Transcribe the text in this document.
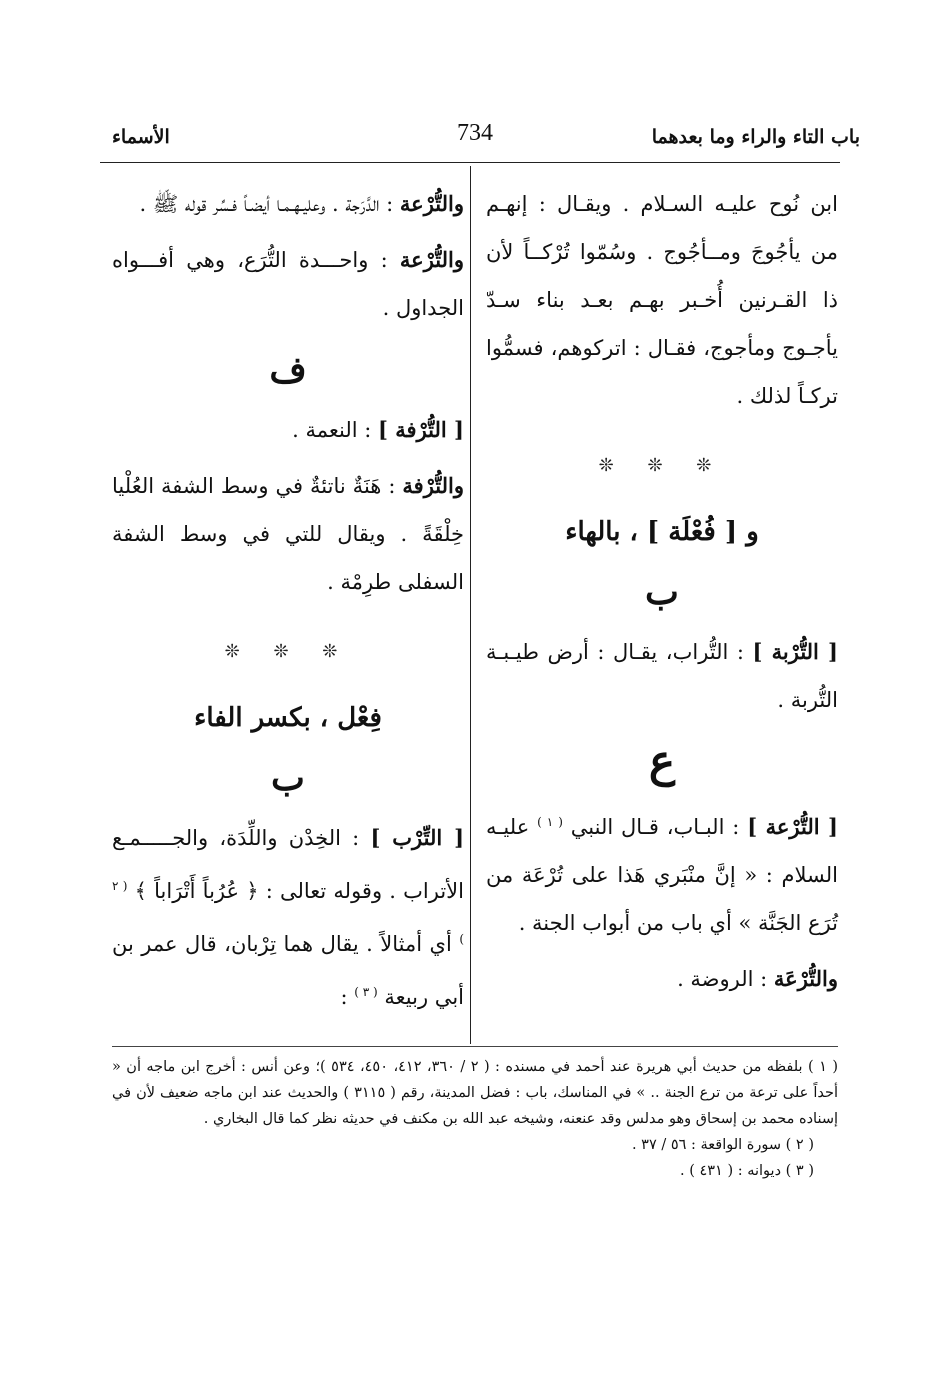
باب التاء والراء وما بعدهما
734
الأسماء

ابن نُوح عليـه السـلام . ويقـال : إنهـم من يأجُوجَ ومــأجُوج . وسُمّوا تُرْكــاً لأن ذا القـرنين أُخـبر بهـم بعـد بناء سـدّ يأجـوج ومأجوج، فقـال : اتركوهم، فسمُّوا تركـاً لذلك .

❊ ❊ ❊
و [ فُعْلَة ] ، بالهاء
ب

[ التُّرْبة ] : التُّراب، يقـال : أرض طيـبـة التُّربة .

ع

[ التُّرْعة ] : البـاب، قـال النبي $^{( ١ )}$ عليـه السلام : « إنَّ منْبَري هَذا على تُرْعَة من تُرَع الجَنَّة » أي باب من أبواب الجنة .

والتُّرْعَة : الروضة .

والتُّرْعة : الدَّرَجة . وعليـهـمـا أيضـاً فـسِّر قوله ﷺ .

والتُّرْعة : واحـــدة التُّرَع، وهي أفـــواه الجداول .

ف

[ التُّرْفة ] : النعمة .

والتُّرْفة : هَنَةٌ ناتئةٌ في وسط الشفة العُلْيا خِلْقَةً . ويقال للتي في وسط الشفة السفلى طرِمْة .

❊ ❊ ❊
فِعْل ، بكسر الفاء
ب

[ التِّرْب ] : الخِدْن واللِّدَة، والجـــــمـع الأتراب . وقوله تعالى : ﴿ عُرُباً أَتْرَاباً ﴾ $^{( ٢ )}$ أي أمثالاً . يقال هما تِرْبان، قال عمر بن أبي ربيعة $^{( ٣ )}$ :

( ١ ) بلفظه من حديث أبي هريرة عند أحمد في مسنده : ( ٢ / ٣٦٠، ٤١٢، ٤٥٠، ٥٣٤ )؛ وعن أنس : أخرج ابن ماجه أن « أحداً على ترعة من ترع الجنة .. » في المناسك، باب : فضل المدينة، رقم ( ٣١١٥ ) والحديث عند ابن ماجه ضعيف لأن في إسناده محمد بن إسحاق وهو مدلس وقد عنعنه، وشيخه عبد الله بن مكنف في حديثه نظر كما قال البخاري .

( ٢ ) سورة الواقعة : ٥٦ / ٣٧ .

( ٣ ) ديوانه : ( ٤٣١ ) .
